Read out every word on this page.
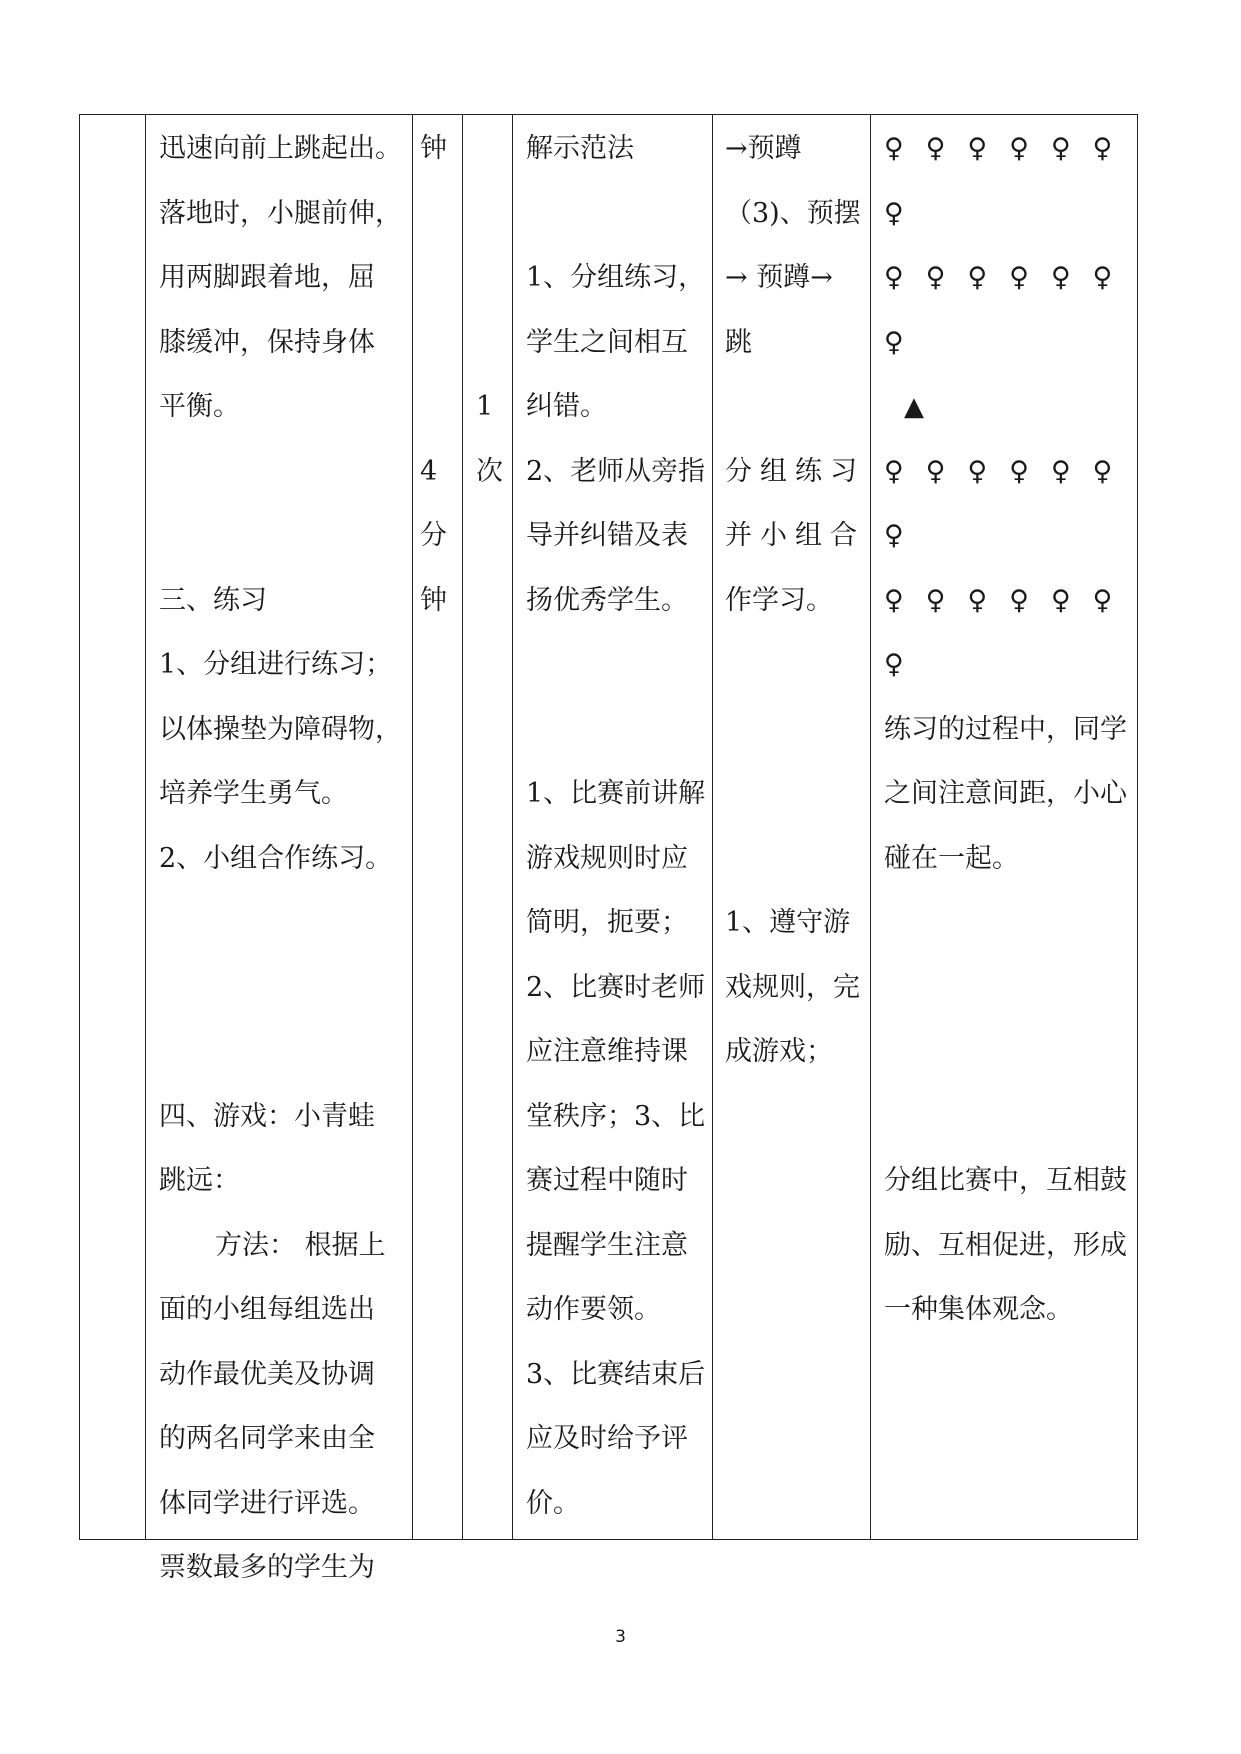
迅速向前上跳起出。
落地时，小腿前伸，
用两脚跟着地，屈
膝缓冲，保持身体
平衡。
三、练习
1、分组进行练习；
以体操垫为障碍物，
培养学生勇气。
2、小组合作练习。
四、游戏：小青蛙
跳远：
方法： 根据上
面的小组每组选出
动作最优美及协调
的两名同学来由全
体同学进行评选。
票数最多的学生为
钟
4
分
钟
1
次
解示范法
1、分组练习，
学生之间相互
纠错。
2、老师从旁指
导并纠错及表
扬优秀学生。
1、比赛前讲解
游戏规则时应
简明，扼要；
2、比赛时老师
应注意维持课
堂秩序；3、比
赛过程中随时
提醒学生注意
动作要领。
3、比赛结束后
应及时给予评
价。
→预蹲
（3)、预摆
→ 预蹲→
跳
分组练习
并小组合
作学习。
1、遵守游
戏规则，完
成游戏；
♀♀♀♀♀♀
♀
♀♀♀♀♀♀
♀
▲
♀♀♀♀♀♀
♀
♀♀♀♀♀♀
♀
练习的过程中，同学
之间注意间距，小心
碰在一起。
分组比赛中，互相鼓
励、互相促进，形成
一种集体观念。
3
